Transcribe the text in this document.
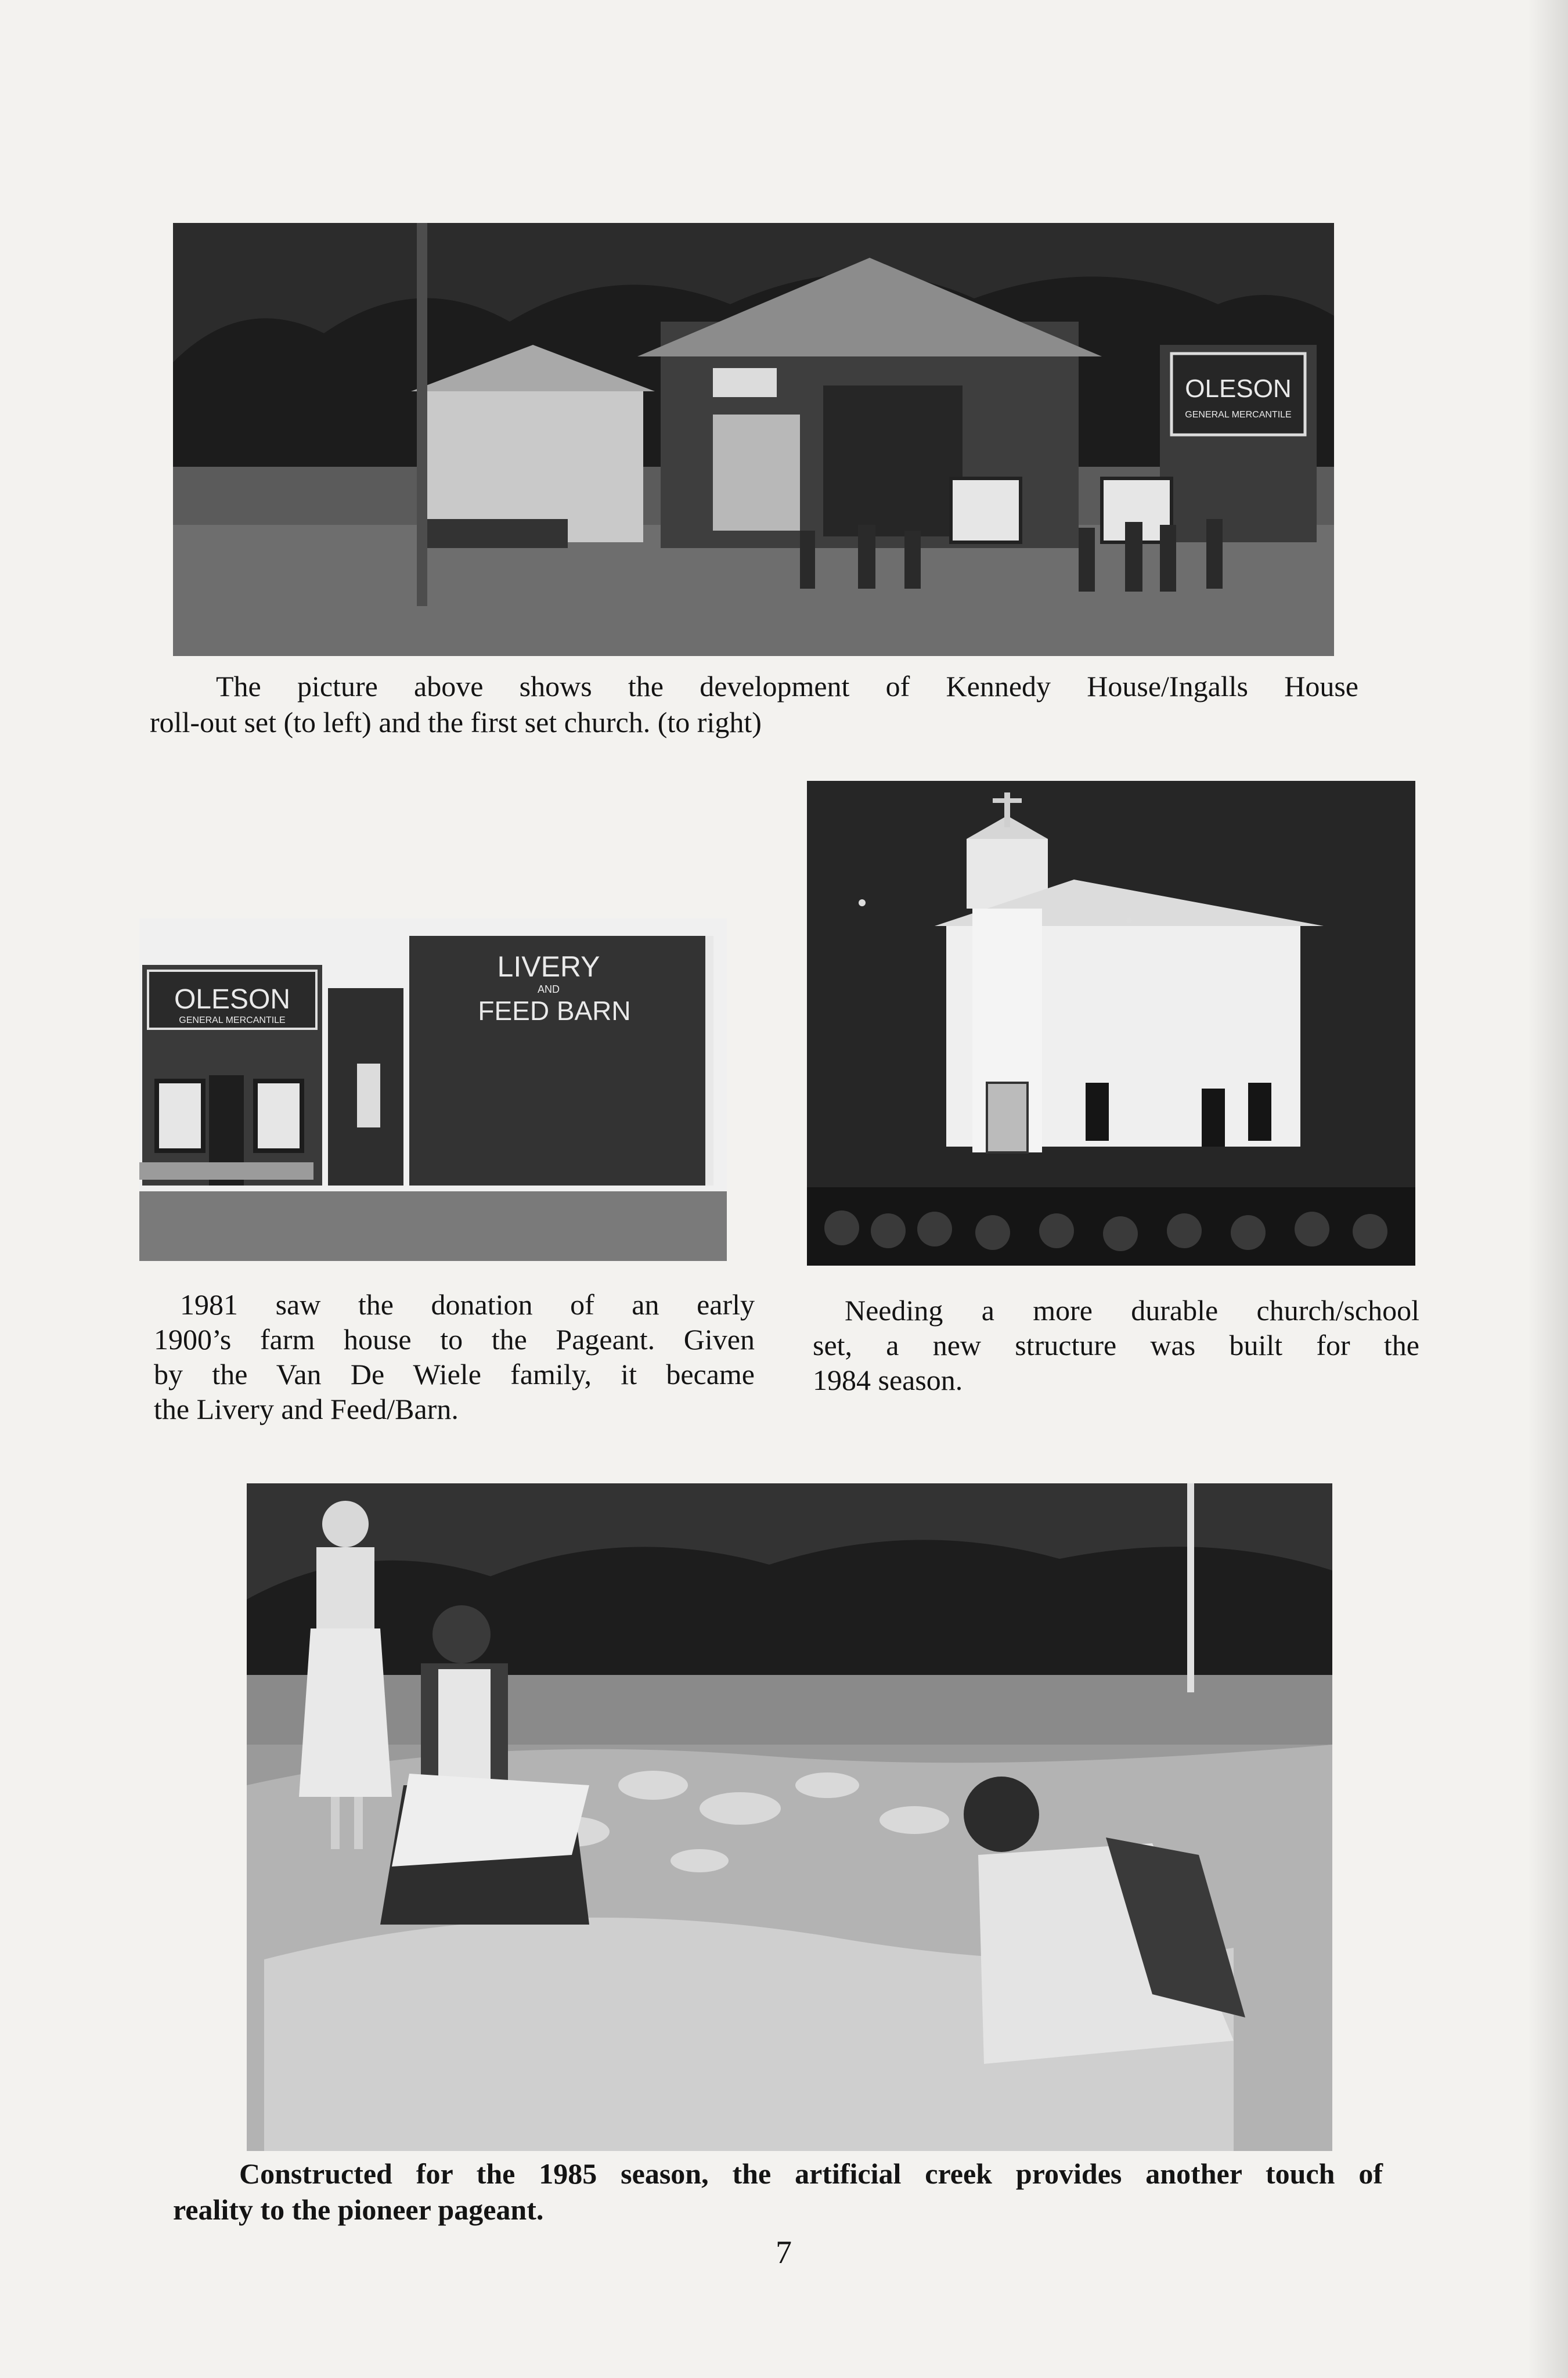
OLESON
GENERAL MERCANTILE

The picture above shows the development of Kennedy House/Ingalls House

roll-out set (to left) and the first set church. (to right)

OLESON
GENERAL MERCANTILE
LIVERY
AND
FEED BARN

1981 saw the donation of an early

1900’s farm house to the Pageant. Given

by the Van De Wiele family, it became

the Livery and Feed/Barn.

Needing a more durable church/school

set, a new structure was built for the

1984 season.

Constructed for the 1985 season, the artificial creek provides another touch of

reality to the pioneer pageant.

7
